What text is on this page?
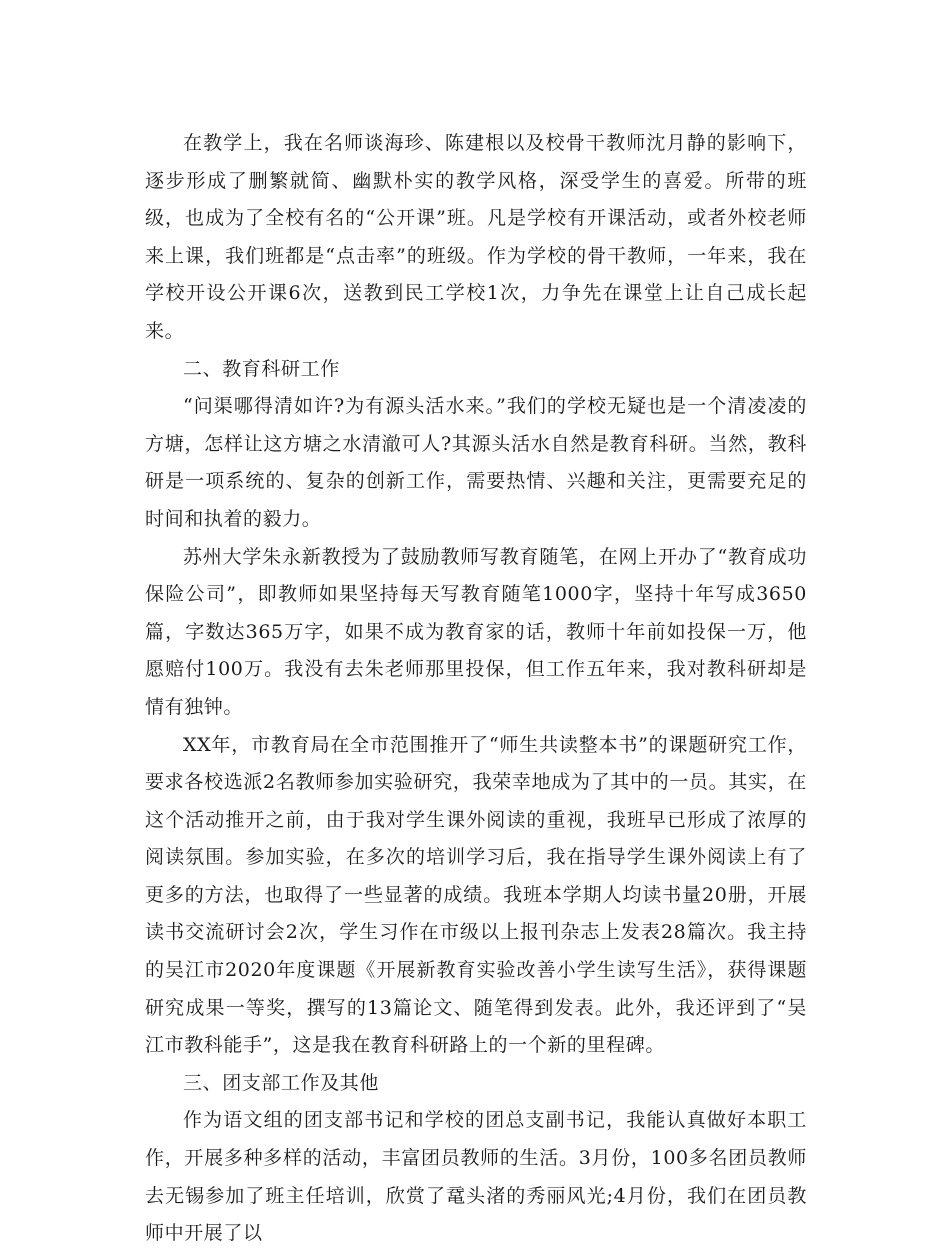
在教学上，我在名师谈海珍、陈建根以及校骨干教师沈月静的影响下，逐步形成了删繁就简、幽默朴实的教学风格，深受学生的喜爱。所带的班级，也成为了全校有名的“公开课”班。凡是学校有开课活动，或者外校老师来上课，我们班都是“点击率”的班级。作为学校的骨干教师，一年来，我在学校开设公开课6次，送教到民工学校1次，力争先在课堂上让自己成长起来。

二、教育科研工作

“问渠哪得清如许?为有源头活水来。”我们的学校无疑也是一个清凌凌的方塘，怎样让这方塘之水清澈可人?其源头活水自然是教育科研。当然，教科研是一项系统的、复杂的创新工作，需要热情、兴趣和关注，更需要充足的时间和执着的毅力。

苏州大学朱永新教授为了鼓励教师写教育随笔，在网上开办了“教育成功保险公司”，即教师如果坚持每天写教育随笔1000字，坚持十年写成3650篇，字数达365万字，如果不成为教育家的话，教师十年前如投保一万，他愿赔付100万。我没有去朱老师那里投保，但工作五年来，我对教科研却是情有独钟。

XX年，市教育局在全市范围推开了“师生共读整本书”的课题研究工作，要求各校选派2名教师参加实验研究，我荣幸地成为了其中的一员。其实，在这个活动推开之前，由于我对学生课外阅读的重视，我班早已形成了浓厚的阅读氛围。参加实验，在多次的培训学习后，我在指导学生课外阅读上有了更多的方法，也取得了一些显著的成绩。我班本学期人均读书量20册，开展读书交流研讨会2次，学生习作在市级以上报刊杂志上发表28篇次。我主持的吴江市2020年度课题《开展新教育实验改善小学生读写生活》，获得课题研究成果一等奖，撰写的13篇论文、随笔得到发表。此外，我还评到了“吴江市教科能手”，这是我在教育科研路上的一个新的里程碑。

三、团支部工作及其他

作为语文组的团支部书记和学校的团总支副书记，我能认真做好本职工作，开展多种多样的活动，丰富团员教师的生活。3月份，100多名团员教师去无锡参加了班主任培训，欣赏了鼋头渚的秀丽风光;4月份，我们在团员教师中开展了以
